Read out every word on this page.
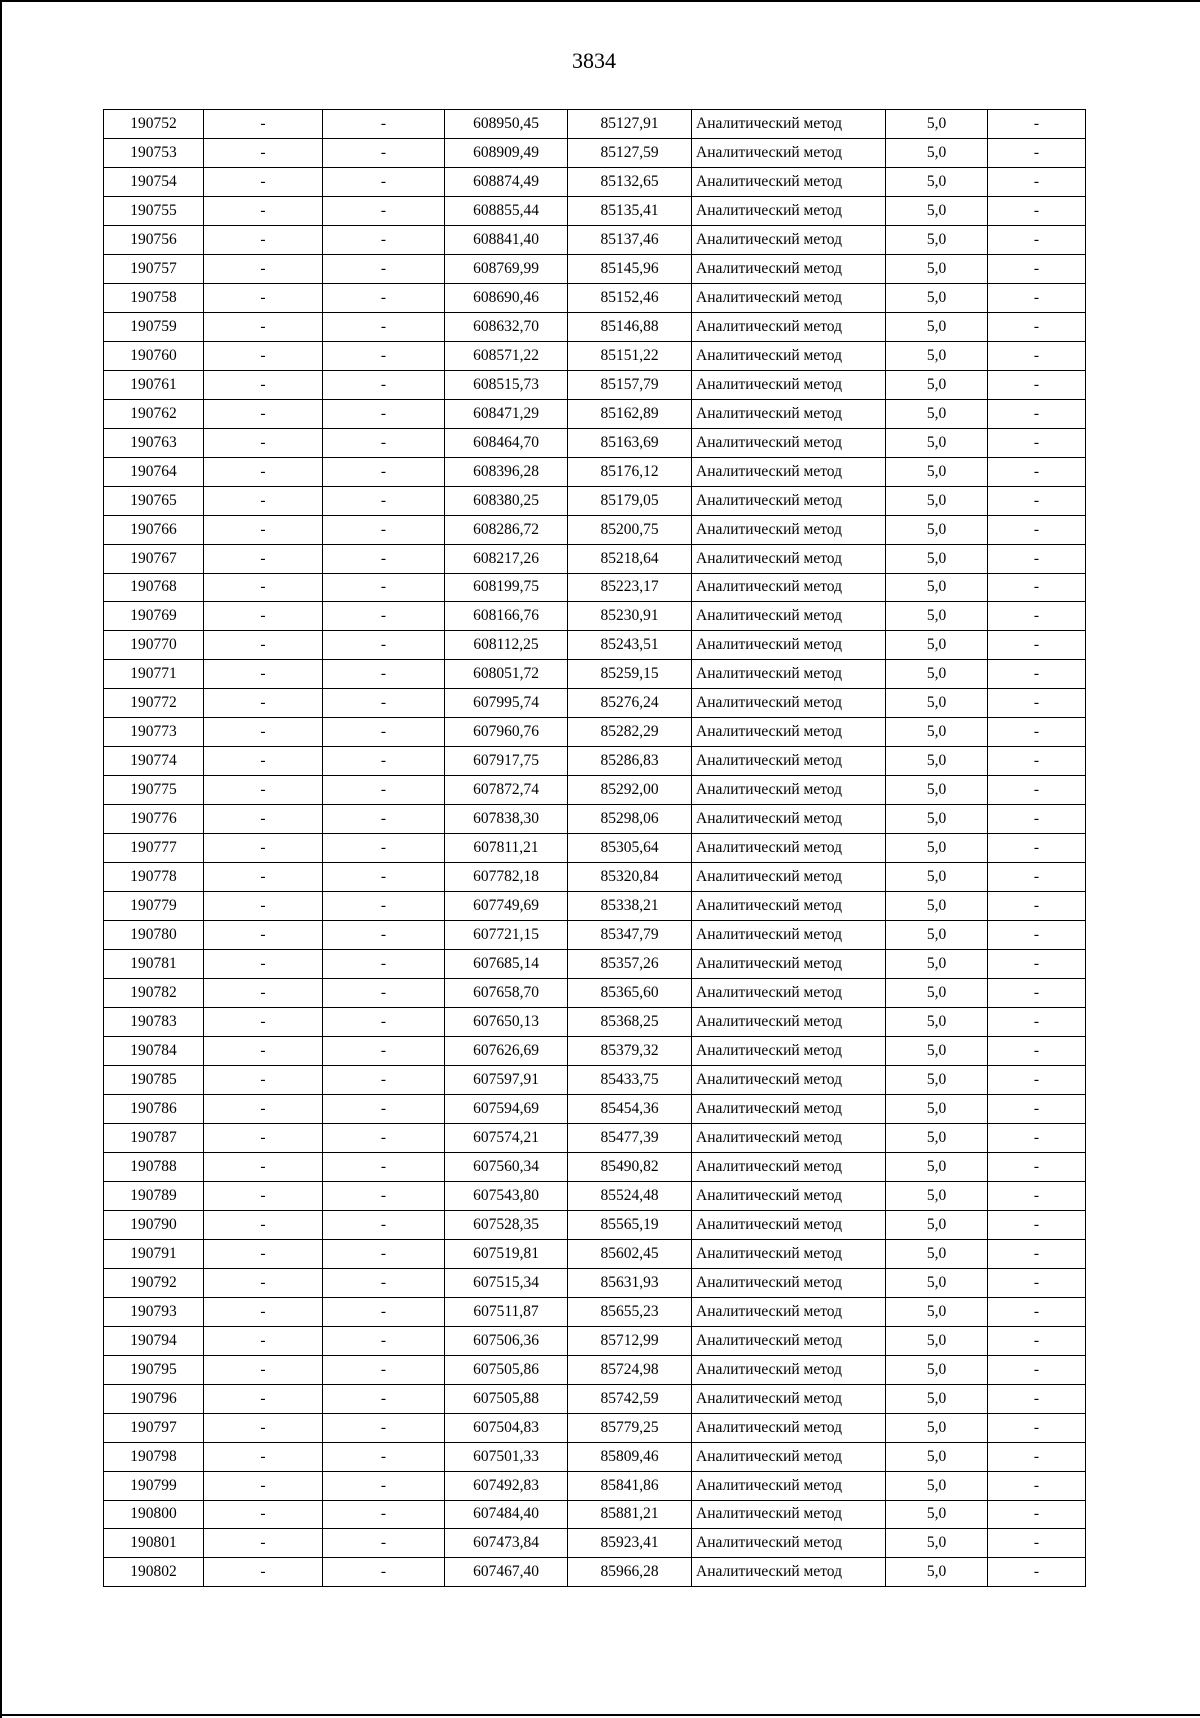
3834
190752	-	-	608950,45	85127,91	Аналитический метод	5,0	-
190753	-	-	608909,49	85127,59	Аналитический метод	5,0	-
190754	-	-	608874,49	85132,65	Аналитический метод	5,0	-
190755	-	-	608855,44	85135,41	Аналитический метод	5,0	-
190756	-	-	608841,40	85137,46	Аналитический метод	5,0	-
190757	-	-	608769,99	85145,96	Аналитический метод	5,0	-
190758	-	-	608690,46	85152,46	Аналитический метод	5,0	-
190759	-	-	608632,70	85146,88	Аналитический метод	5,0	-
190760	-	-	608571,22	85151,22	Аналитический метод	5,0	-
190761	-	-	608515,73	85157,79	Аналитический метод	5,0	-
190762	-	-	608471,29	85162,89	Аналитический метод	5,0	-
190763	-	-	608464,70	85163,69	Аналитический метод	5,0	-
190764	-	-	608396,28	85176,12	Аналитический метод	5,0	-
190765	-	-	608380,25	85179,05	Аналитический метод	5,0	-
190766	-	-	608286,72	85200,75	Аналитический метод	5,0	-
190767	-	-	608217,26	85218,64	Аналитический метод	5,0	-
190768	-	-	608199,75	85223,17	Аналитический метод	5,0	-
190769	-	-	608166,76	85230,91	Аналитический метод	5,0	-
190770	-	-	608112,25	85243,51	Аналитический метод	5,0	-
190771	-	-	608051,72	85259,15	Аналитический метод	5,0	-
190772	-	-	607995,74	85276,24	Аналитический метод	5,0	-
190773	-	-	607960,76	85282,29	Аналитический метод	5,0	-
190774	-	-	607917,75	85286,83	Аналитический метод	5,0	-
190775	-	-	607872,74	85292,00	Аналитический метод	5,0	-
190776	-	-	607838,30	85298,06	Аналитический метод	5,0	-
190777	-	-	607811,21	85305,64	Аналитический метод	5,0	-
190778	-	-	607782,18	85320,84	Аналитический метод	5,0	-
190779	-	-	607749,69	85338,21	Аналитический метод	5,0	-
190780	-	-	607721,15	85347,79	Аналитический метод	5,0	-
190781	-	-	607685,14	85357,26	Аналитический метод	5,0	-
190782	-	-	607658,70	85365,60	Аналитический метод	5,0	-
190783	-	-	607650,13	85368,25	Аналитический метод	5,0	-
190784	-	-	607626,69	85379,32	Аналитический метод	5,0	-
190785	-	-	607597,91	85433,75	Аналитический метод	5,0	-
190786	-	-	607594,69	85454,36	Аналитический метод	5,0	-
190787	-	-	607574,21	85477,39	Аналитический метод	5,0	-
190788	-	-	607560,34	85490,82	Аналитический метод	5,0	-
190789	-	-	607543,80	85524,48	Аналитический метод	5,0	-
190790	-	-	607528,35	85565,19	Аналитический метод	5,0	-
190791	-	-	607519,81	85602,45	Аналитический метод	5,0	-
190792	-	-	607515,34	85631,93	Аналитический метод	5,0	-
190793	-	-	607511,87	85655,23	Аналитический метод	5,0	-
190794	-	-	607506,36	85712,99	Аналитический метод	5,0	-
190795	-	-	607505,86	85724,98	Аналитический метод	5,0	-
190796	-	-	607505,88	85742,59	Аналитический метод	5,0	-
190797	-	-	607504,83	85779,25	Аналитический метод	5,0	-
190798	-	-	607501,33	85809,46	Аналитический метод	5,0	-
190799	-	-	607492,83	85841,86	Аналитический метод	5,0	-
190800	-	-	607484,40	85881,21	Аналитический метод	5,0	-
190801	-	-	607473,84	85923,41	Аналитический метод	5,0	-
190802	-	-	607467,40	85966,28	Аналитический метод	5,0	-
